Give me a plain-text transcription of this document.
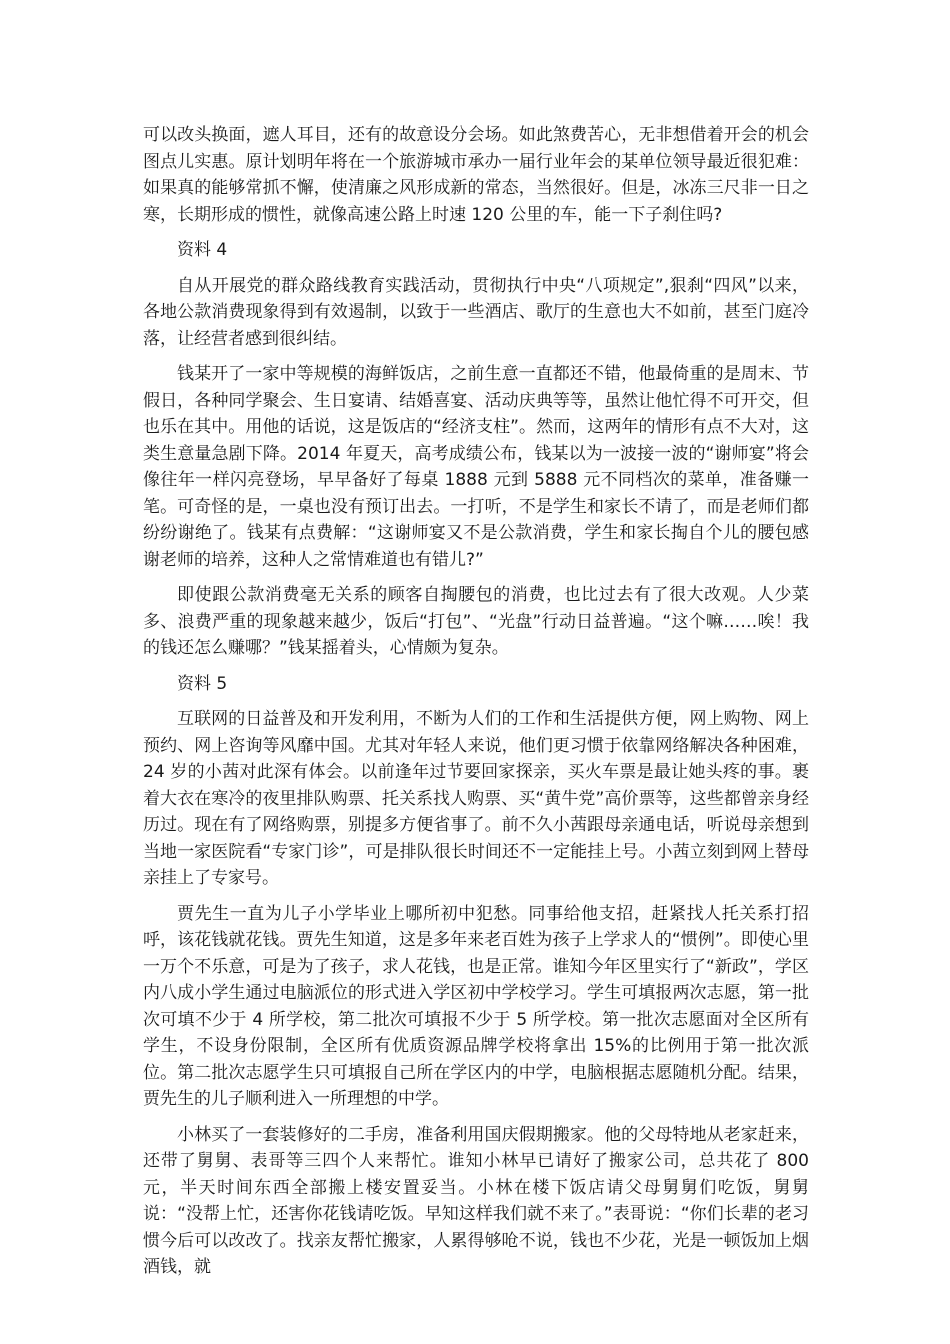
可以改头换面，遮人耳目，还有的故意设分会场。如此煞费苦心，无非想借着开会的机会图点儿实惠。原计划明年将在一个旅游城市承办一届行业年会的某单位领导最近很犯难：如果真的能够常抓不懈，使清廉之风形成新的常态，当然很好。但是，冰冻三尺非一日之寒，长期形成的惯性，就像高速公路上时速 120 公里的车，能一下子刹住吗?

资料 4

自从开展党的群众路线教育实践活动，贯彻执行中央“八项规定”,狠刹“四风”以来，各地公款消费现象得到有效遏制，以致于一些酒店、歌厅的生意也大不如前，甚至门庭冷落，让经营者感到很纠结。

钱某开了一家中等规模的海鲜饭店，之前生意一直都还不错，他最倚重的是周末、节假日，各种同学聚会、生日宴请、结婚喜宴、活动庆典等等，虽然让他忙得不可开交，但也乐在其中。用他的话说，这是饭店的“经济支柱”。然而，这两年的情形有点不大对，这类生意量急剧下降。2014 年夏天，高考成绩公布，钱某以为一波接一波的“谢师宴”将会像往年一样闪亮登场，早早备好了每桌 1888 元到 5888 元不同档次的菜单，准备赚一笔。可奇怪的是，一桌也没有预订出去。一打听，不是学生和家长不请了，而是老师们都纷纷谢绝了。钱某有点费解：“这谢师宴又不是公款消费，学生和家长掏自个儿的腰包感谢老师的培养，这种人之常情难道也有错儿?”

即使跟公款消费毫无关系的顾客自掏腰包的消费，也比过去有了很大改观。人少菜多、浪费严重的现象越来越少，饭后“打包”、“光盘”行动日益普遍。“这个嘛……唉！我的钱还怎么赚哪？”钱某摇着头，心情颇为复杂。

资料 5

互联网的日益普及和开发利用，不断为人们的工作和生活提供方便，网上购物、网上预约、网上咨询等风靡中国。尤其对年轻人来说，他们更习惯于依靠网络解决各种困难，24 岁的小茜对此深有体会。以前逢年过节要回家探亲，买火车票是最让她头疼的事。裹着大衣在寒冷的夜里排队购票、托关系找人购票、买“黄牛党”高价票等，这些都曾亲身经历过。现在有了网络购票，别提多方便省事了。前不久小茜跟母亲通电话，听说母亲想到当地一家医院看“专家门诊”，可是排队很长时间还不一定能挂上号。小茜立刻到网上替母亲挂上了专家号。

贾先生一直为儿子小学毕业上哪所初中犯愁。同事给他支招，赶紧找人托关系打招呼，该花钱就花钱。贾先生知道，这是多年来老百姓为孩子上学求人的“惯例”。即使心里一万个不乐意，可是为了孩子，求人花钱，也是正常。谁知今年区里实行了“新政”，学区内八成小学生通过电脑派位的形式进入学区初中学校学习。学生可填报两次志愿，第一批次可填不少于 4 所学校，第二批次可填报不少于 5 所学校。第一批次志愿面对全区所有学生，不设身份限制，全区所有优质资源品牌学校将拿出 15%的比例用于第一批次派位。第二批次志愿学生只可填报自己所在学区内的中学，电脑根据志愿随机分配。结果，贾先生的儿子顺利进入一所理想的中学。

小林买了一套装修好的二手房，准备利用国庆假期搬家。他的父母特地从老家赶来，还带了舅舅、表哥等三四个人来帮忙。谁知小林早已请好了搬家公司，总共花了 800 元，半天时间东西全部搬上楼安置妥当。小林在楼下饭店请父母舅舅们吃饭，舅舅说：“没帮上忙，还害你花钱请吃饭。早知这样我们就不来了。”表哥说：“你们长辈的老习惯今后可以改改了。找亲友帮忙搬家，人累得够呛不说，钱也不少花，光是一顿饭加上烟酒钱，就
